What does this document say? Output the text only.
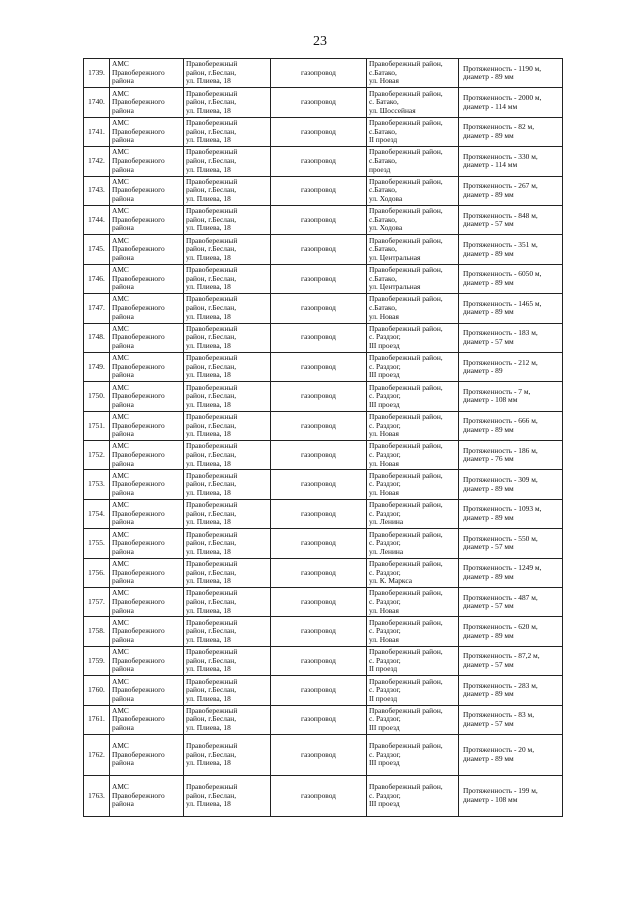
23
1739.	АМС
Правобережного
района	Правобережный
район, г.Беслан,
ул. Плиева, 18	газопровод	Правобережный район,
с.Батако,
ул. Новая	Протяженность - 1190 м,
диаметр - 89 мм

1740.	АМС
Правобережного
района	Правобережный
район, г.Беслан,
ул. Плиева, 18	газопровод	Правобережный район,
с. Батако,
ул. Шоссейная	Протяженность - 2000 м,
диаметр - 114 мм

1741.	АМС
Правобережного
района	Правобережный
район, г.Беслан,
ул. Плиева, 18	газопровод	Правобережный район,
с.Батако,
II проезд	Протяженность - 82 м,
диаметр - 89 мм

1742.	АМС
Правобережного
района	Правобережный
район, г.Беслан,
ул. Плиева, 18	газопровод	Правобережный район,
с.Батако,
проезд	Протяженность - 330 м,
диаметр - 114 мм

1743.	АМС
Правобережного
района	Правобережный
район, г.Беслан,
ул. Плиева, 18	газопровод	Правобережный район,
с.Батако,
ул. Ходова	Протяженность - 267 м,
диаметр - 89 мм

1744.	АМС
Правобережного
района	Правобережный
район, г.Беслан,
ул. Плиева, 18	газопровод	Правобережный район,
с.Батако,
ул. Ходова	Протяженность - 848 м,
диаметр - 57 мм

1745.	АМС
Правобережного
района	Правобережный
район, г.Беслан,
ул. Плиева, 18	газопровод	Правобережный район,
с.Батако,
ул. Центральная	Протяженность - 351 м,
диаметр - 89 мм

1746.	АМС
Правобережного
района	Правобережный
район, г.Беслан,
ул. Плиева, 18	газопровод	Правобережный район,
с.Батако,
ул. Центральная	Протяженность - 6050 м,
диаметр - 89 мм

1747.	АМС
Правобережного
района	Правобережный
район, г.Беслан,
ул. Плиева, 18	газопровод	Правобережный район,
с.Батако,
ул. Новая	Протяженность - 1465 м,
диаметр - 89 мм

1748.	АМС
Правобережного
района	Правобережный
район, г.Беслан,
ул. Плиева, 18	газопровод	Правобережный район,
с. Раздзог,
III проезд	Протяженность - 183 м,
диаметр - 57 мм

1749.	АМС
Правобережного
района	Правобережный
район, г.Беслан,
ул. Плиева, 18	газопровод	Правобережный район,
с. Раздзог,
III проезд	Протяженность - 212 м,
диаметр - 89

1750.	АМС
Правобережного
района	Правобережный
район, г.Беслан,
ул. Плиева, 18	газопровод	Правобережный район,
с. Раздзог,
III проезд	Протяженность - 7 м,
диаметр - 108 мм

1751.	АМС
Правобережного
района	Правобережный
район, г.Беслан,
ул. Плиева, 18	газопровод	Правобережный район,
с. Раздзог,
ул. Новая	Протяженность - 666 м,
диаметр - 89 мм

1752.	АМС
Правобережного
района	Правобережный
район, г.Беслан,
ул. Плиева, 18	газопровод	Правобережный район,
с. Раздзог,
ул. Новая	Протяженность - 186 м,
диаметр - 76 мм

1753.	АМС
Правобережного
района	Правобережный
район, г.Беслан,
ул. Плиева, 18	газопровод	Правобережный район,
с. Раздзог,
ул. Новая	Протяженность - 309 м,
диаметр - 89 мм

1754.	АМС
Правобережного
района	Правобережный
район, г.Беслан,
ул. Плиева, 18	газопровод	Правобережный район,
с. Раздзог,
ул. Ленина	Протяженность - 1093 м,
диаметр - 89 мм

1755.	АМС
Правобережного
района	Правобережный
район, г.Беслан,
ул. Плиева, 18	газопровод	Правобережный район,
с. Раздзог,
ул. Ленина	Протяженность - 550 м,
диаметр - 57 мм

1756.	АМС
Правобережного
района	Правобережный
район, г.Беслан,
ул. Плиева, 18	газопровод	Правобережный район,
с. Раздзог,
ул. К. Маркса	Протяженность - 1249 м,
диаметр - 89 мм

1757.	АМС
Правобережного
района	Правобережный
район, г.Беслан,
ул. Плиева, 18	газопровод	Правобережный район,
с. Раздзог,
ул. Новая	Протяженность - 487 м,
диаметр - 57 мм

1758.	АМС
Правобережного
района	Правобережный
район, г.Беслан,
ул. Плиева, 18	газопровод	Правобережный район,
с. Раздзог,
ул. Новая	Протяженность - 620 м,
диаметр - 89 мм

1759.	АМС
Правобережного
района	Правобережный
район, г.Беслан,
ул. Плиева, 18	газопровод	Правобережный район,
с. Раздзог,
II проезд	Протяженность - 87,2 м,
диаметр - 57 мм

1760.	АМС
Правобережного
района	Правобережный
район, г.Беслан,
ул. Плиева, 18	газопровод	Правобережный район,
с. Раздзог,
II проезд	Протяженность - 283 м,
диаметр - 89 мм

1761.	АМС
Правобережного
района	Правобережный
район, г.Беслан,
ул. Плиева, 18	газопровод	Правобережный район,
с. Раздзог,
III проезд	Протяженность - 83 м,
диаметр - 57 мм

1762.	АМС
Правобережного
района	Правобережный
район, г.Беслан,
ул. Плиева, 18	газопровод	Правобережный район,
с. Раздзог,
III проезд	Протяженность - 20 м,
диаметр - 89 мм

1763.	АМС
Правобережного
района	Правобережный
район, г.Беслан,
ул. Плиева, 18	газопровод	Правобережный район,
с. Раздзог,
III проезд	Протяженность - 199 м,
диаметр - 108 мм
